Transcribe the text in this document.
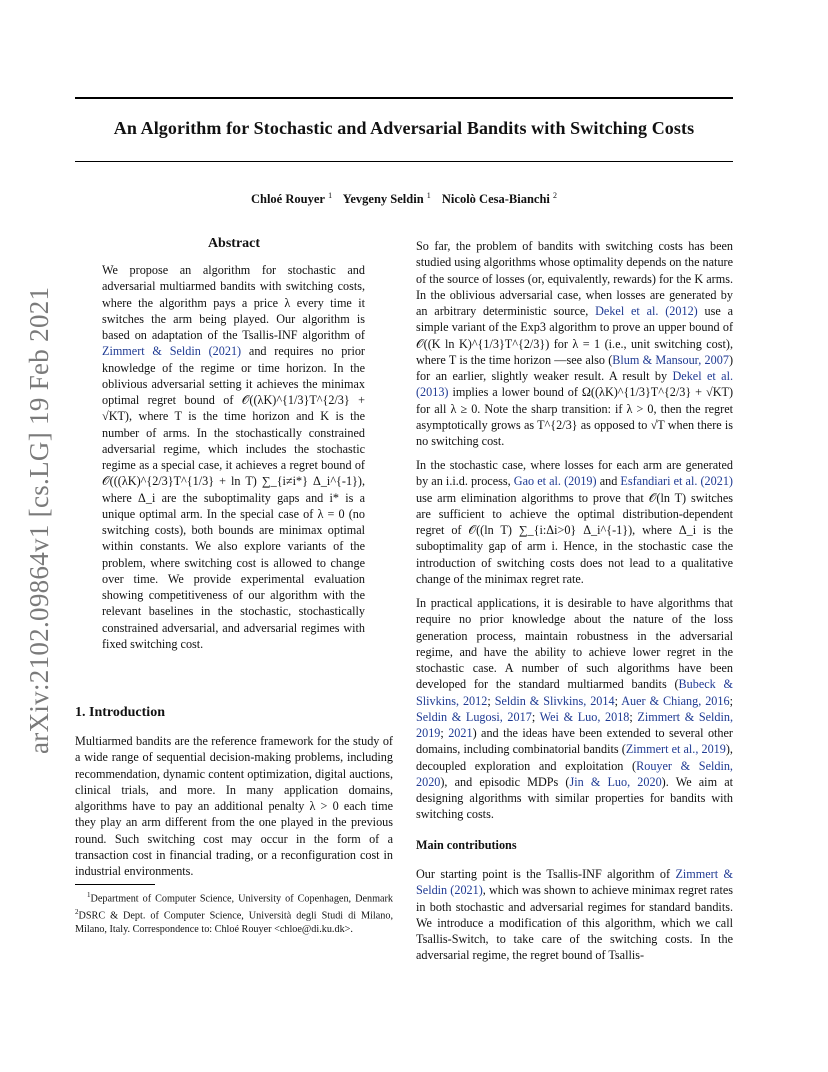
An Algorithm for Stochastic and Adversarial Bandits with Switching Costs
Chloé Rouyer $^1$ Yevgeny Seldin $^1$ Nicolò Cesa-Bianchi $^2$
arXiv:2102.09864v1 [cs.LG] 19 Feb 2021
Abstract

We propose an algorithm for stochastic and adversarial multiarmed bandits with switching costs, where the algorithm pays a price λ every time it switches the arm being played. Our algorithm is based on adaptation of the Tsallis-INF algorithm of Zimmert & Seldin (2021) and requires no prior knowledge of the regime or time horizon. In the oblivious adversarial setting it achieves the minimax optimal regret bound of 𝒪((λK)^{1/3}T^{2/3} + √KT), where T is the time horizon and K is the number of arms. In the stochastically constrained adversarial regime, which includes the stochastic regime as a special case, it achieves a regret bound of 𝒪(((λK)^{2/3}T^{1/3} + ln T) ∑_{i≠i*} Δ_i^{-1}), where Δ_i are the suboptimality gaps and i* is a unique optimal arm. In the special case of λ = 0 (no switching costs), both bounds are minimax optimal within constants. We also explore variants of the problem, where switching cost is allowed to change over time. We provide experimental evaluation showing competitiveness of our algorithm with the relevant baselines in the stochastic, stochastically constrained adversarial, and adversarial regimes with fixed switching cost.

1. Introduction

Multiarmed bandits are the reference framework for the study of a wide range of sequential decision-making problems, including recommendation, dynamic content optimization, digital auctions, clinical trials, and more. In many application domains, algorithms have to pay an additional penalty λ > 0 each time they play an arm different from the one played in the previous round. Such switching cost may occur in the form of a transaction cost in financial trading, or a reconfiguration cost in industrial environments.

$^1$Department of Computer Science, University of Copenhagen, Denmark $^2$DSRC & Dept. of Computer Science, Università degli Studi di Milano, Milano, Italy. Correspondence to: Chloé Rouyer <chloe@di.ku.dk>.

So far, the problem of bandits with switching costs has been studied using algorithms whose optimality depends on the nature of the source of losses (or, equivalently, rewards) for the K arms. In the oblivious adversarial case, when losses are generated by an arbitrary deterministic source, Dekel et al. (2012) use a simple variant of the Exp3 algorithm to prove an upper bound of 𝒪((K ln K)^{1/3}T^{2/3}) for λ = 1 (i.e., unit switching cost), where T is the time horizon —see also (Blum & Mansour, 2007) for an earlier, slightly weaker result. A result by Dekel et al. (2013) implies a lower bound of Ω((λK)^{1/3}T^{2/3} + √KT) for all λ ≥ 0. Note the sharp transition: if λ > 0, then the regret asymptotically grows as T^{2/3} as opposed to √T when there is no switching cost.

In the stochastic case, where losses for each arm are generated by an i.i.d. process, Gao et al. (2019) and Esfandiari et al. (2021) use arm elimination algorithms to prove that 𝒪(ln T) switches are sufficient to achieve the optimal distribution-dependent regret of 𝒪((ln T) ∑_{i:Δi>0} Δ_i^{-1}), where Δ_i is the suboptimality gap of arm i. Hence, in the stochastic case the introduction of switching costs does not lead to a qualitative change of the minimax regret rate.

In practical applications, it is desirable to have algorithms that require no prior knowledge about the nature of the loss generation process, maintain robustness in the adversarial regime, and have the ability to achieve lower regret in the stochastic case. A number of such algorithms have been developed for the standard multiarmed bandits (Bubeck & Slivkins, 2012; Seldin & Slivkins, 2014; Auer & Chiang, 2016; Seldin & Lugosi, 2017; Wei & Luo, 2018; Zimmert & Seldin, 2019; 2021) and the ideas have been extended to several other domains, including combinatorial bandits (Zimmert et al., 2019), decoupled exploration and exploitation (Rouyer & Seldin, 2020), and episodic MDPs (Jin & Luo, 2020). We aim at designing algorithms with similar properties for bandits with switching costs.

Main contributions

Our starting point is the Tsallis-INF algorithm of Zimmert & Seldin (2021), which was shown to achieve minimax regret rates in both stochastic and adversarial regimes for standard bandits. We introduce a modification of this algorithm, which we call Tsallis-Switch, to take care of the switching costs. In the adversarial regime, the regret bound of Tsallis-
